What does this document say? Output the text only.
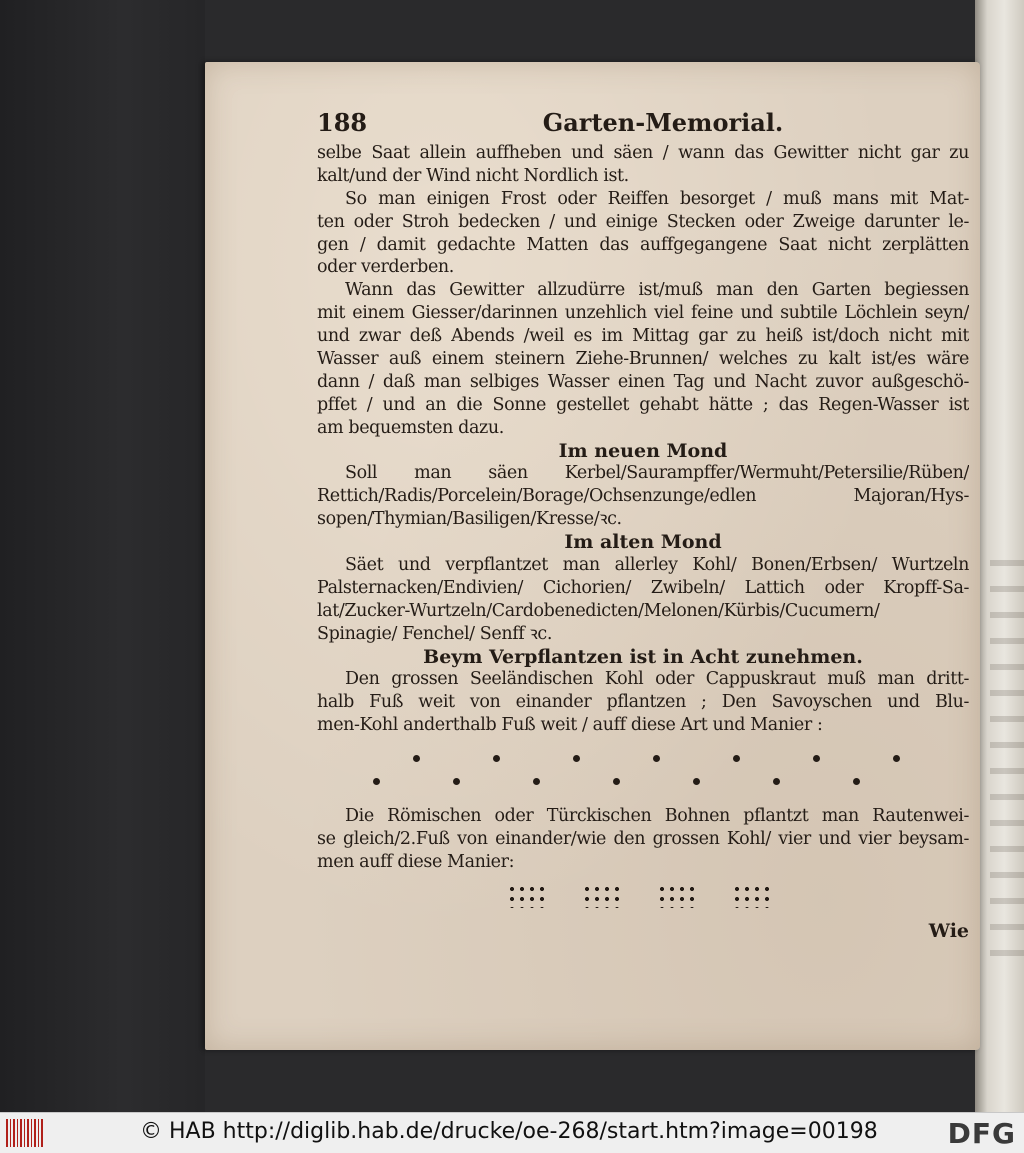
188	Garten-Memorial.
selbe Saat allein auffheben und säen / wann das Gewitter nicht gar zu
kalt/und der Wind nicht Nordlich ist.
So man einigen Frost oder Reiffen besorget / muß mans mit Mat-
ten oder Stroh bedecken / und einige Stecken oder Zweige darunter le-
gen / damit gedachte Matten das auffgegangene Saat nicht zerplätten
oder verderben.
Wann das Gewitter allzudürre ist/muß man den Garten begiessen
mit einem Giesser/darinnen unzehlich viel feine und subtile Löchlein seyn/
und zwar deß Abends /weil es im Mittag gar zu heiß ist/doch nicht mit
Wasser auß einem steinern Ziehe-Brunnen/ welches zu kalt ist/es wäre
dann / daß man selbiges Wasser einen Tag und Nacht zuvor außgeschö-
pffet / und an die Sonne gestellet gehabt hätte ; das Regen-Wasser ist
am bequemsten dazu.
Im neuen Mond
Soll man säen Kerbel/Saurampffer/Wermuht/Petersilie/Rüben/
Rettich/Radis/Porcelein/Borage/Ochsenzunge/edlen Majoran/Hys-
sopen/Thymian/Basiligen/Kresse/ꝛc.
Im alten Mond
Säet und verpflantzet man allerley Kohl/ Bonen/Erbsen/ Wurtzeln
Palsternacken/Endivien/ Cichorien/ Zwibeln/ Lattich oder Kropff-Sa-
lat/Zucker-Wurtzeln/Cardobenedicten/Melonen/Kürbis/Cucumern/
Spinagie/ Fenchel/ Senff ꝛc.
Beym Verpflantzen ist in Acht zunehmen.
Den grossen Seeländischen Kohl oder Cappuskraut muß man dritt-
halb Fuß weit von einander pflantzen ; Den Savoyschen und Blu-
men-Kohl anderthalb Fuß weit / auff diese Art und Manier :
Die Römischen oder Türckischen Bohnen pflantzt man Rautenwei-
se gleich/2.Fuß von einander/wie den grossen Kohl/ vier und vier beysam-
men auff diese Manier:
Wie
© HAB http://diglib.hab.de/drucke/oe-268/start.htm?image=00198 DFG
